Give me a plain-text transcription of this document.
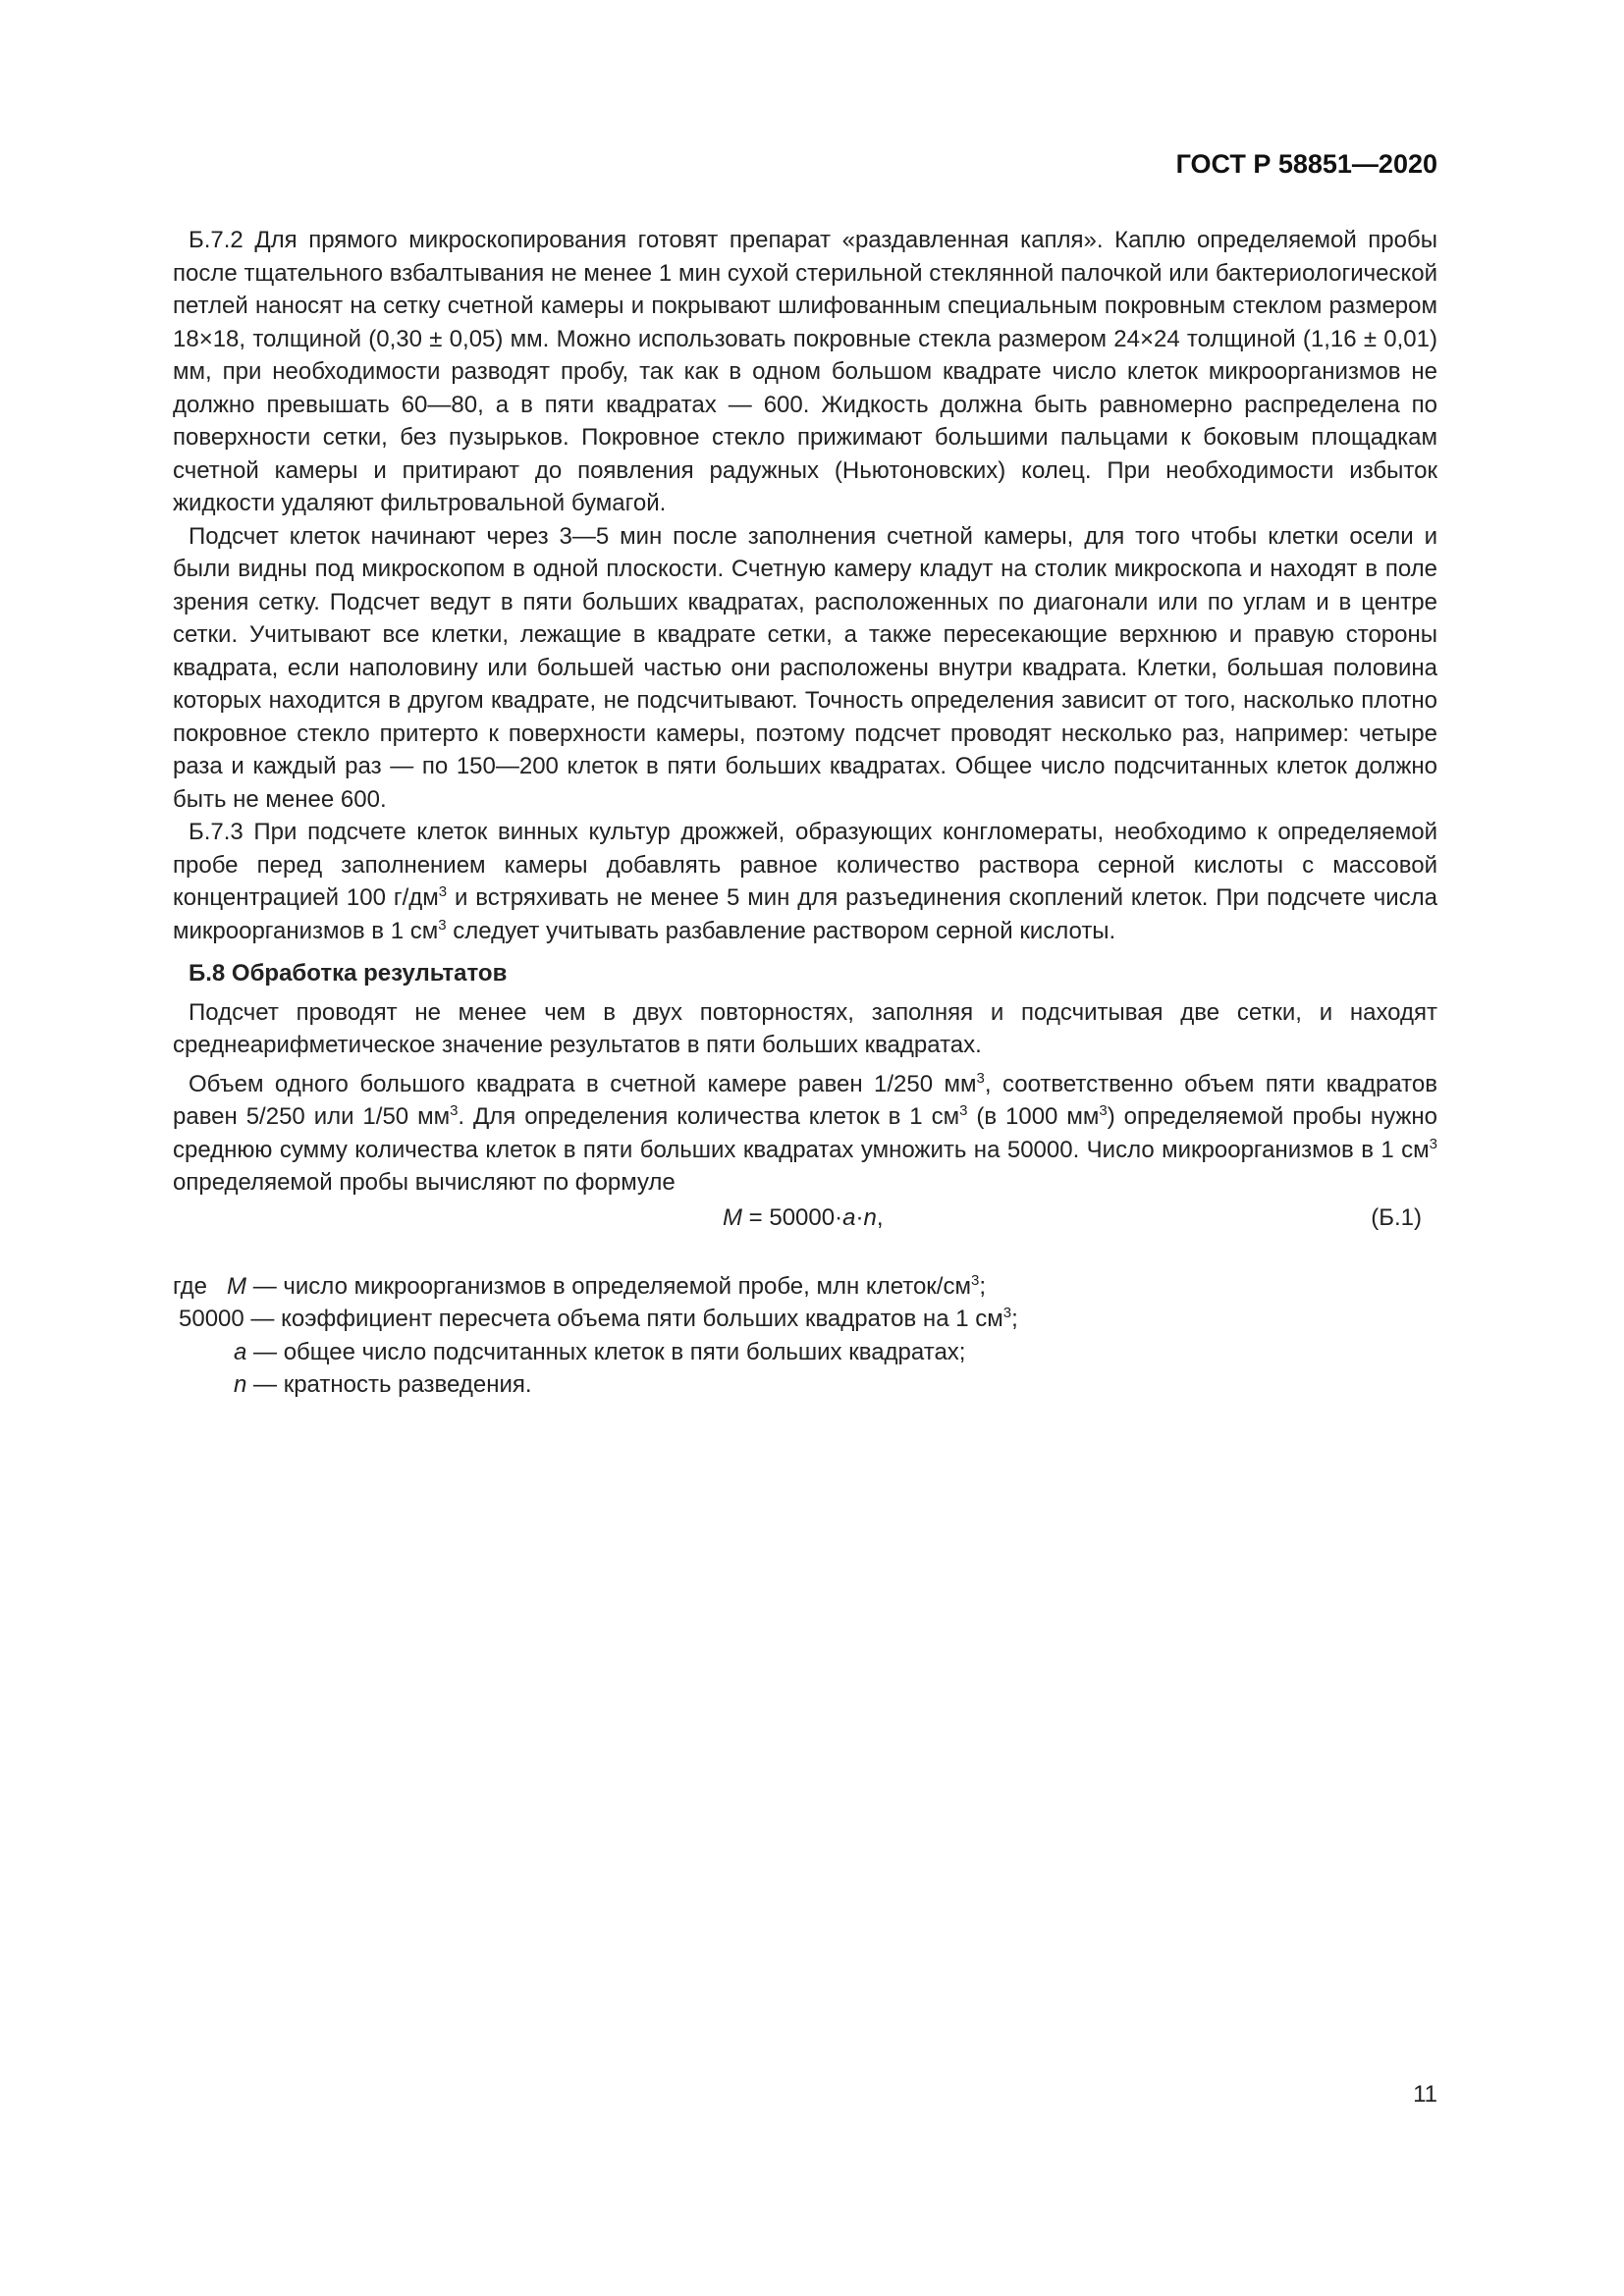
ГОСТ Р 58851—2020

Б.7.2 Для прямого микроскопирования готовят препарат «раздавленная капля». Каплю определяемой пробы после тщательного взбалтывания не менее 1 мин сухой стерильной стеклянной палочкой или бактериологической петлей наносят на сетку счетной камеры и покрывают шлифованным специальным покровным стеклом размером 18×18, толщиной (0,30 ± 0,05) мм. Можно использовать покровные стекла размером 24×24 толщиной (1,16 ± 0,01) мм, при необходимости разводят пробу, так как в одном большом квадрате число клеток микроорганизмов не должно превышать 60—80, а в пяти квадратах — 600. Жидкость должна быть равномерно распределена по поверхности сетки, без пузырьков. Покровное стекло прижимают большими пальцами к боковым площадкам счетной камеры и притирают до появления радужных (Ньютоновских) колец. При необходимости избыток жидкости удаляют фильтровальной бумагой.

Подсчет клеток начинают через 3—5 мин после заполнения счетной камеры, для того чтобы клетки осели и были видны под микроскопом в одной плоскости. Счетную камеру кладут на столик микроскопа и находят в поле зрения сетку. Подсчет ведут в пяти больших квадратах, расположенных по диагонали или по углам и в центре сетки. Учитывают все клетки, лежащие в квадрате сетки, а также пересекающие верхнюю и правую стороны квадрата, если наполовину или большей частью они расположены внутри квадрата. Клетки, большая половина которых находится в другом квадрате, не подсчитывают. Точность определения зависит от того, насколько плотно покровное стекло притерто к поверхности камеры, поэтому подсчет проводят несколько раз, например: четыре раза и каждый раз — по 150—200 клеток в пяти больших квадратах. Общее число подсчитанных клеток должно быть не менее 600.

Б.7.3 При подсчете клеток винных культур дрожжей, образующих конгломераты, необходимо к определяемой пробе перед заполнением камеры добавлять равное количество раствора серной кислоты с массовой концентрацией 100 $г/дм^3$ и встряхивать не менее 5 мин для разъединения скоплений клеток. При подсчете числа микроорганизмов в 1 $см^3$ следует учитывать разбавление раствором серной кислоты.

Б.8 Обработка результатов

Подсчет проводят не менее чем в двух повторностях, заполняя и подсчитывая две сетки, и находят среднеарифметическое значение результатов в пяти больших квадратах.

Объем одного большого квадрата в счетной камере равен 1/250 $мм^3$, соответственно объем пяти квадратов равен 5/250 или 1/50 $мм^3$. Для определения количества клеток в 1 $см^3$ (в 1000 $мм^3$) определяемой пробы нужно среднюю сумму количества клеток в пяти больших квадратах умножить на 50000. Число микроорганизмов в 1 $см^3$ определяемой пробы вычисляют по формуле

M = 50000·a·n,	(Б.1)
где M — число микроорганизмов в определяемой пробе, млн клеток/$см^3$;
50000 — коэффициент пересчета объема пяти больших квадратов на 1 $см^3$;
a — общее число подсчитанных клеток в пяти больших квадратах;
n — кратность разведения.
11
